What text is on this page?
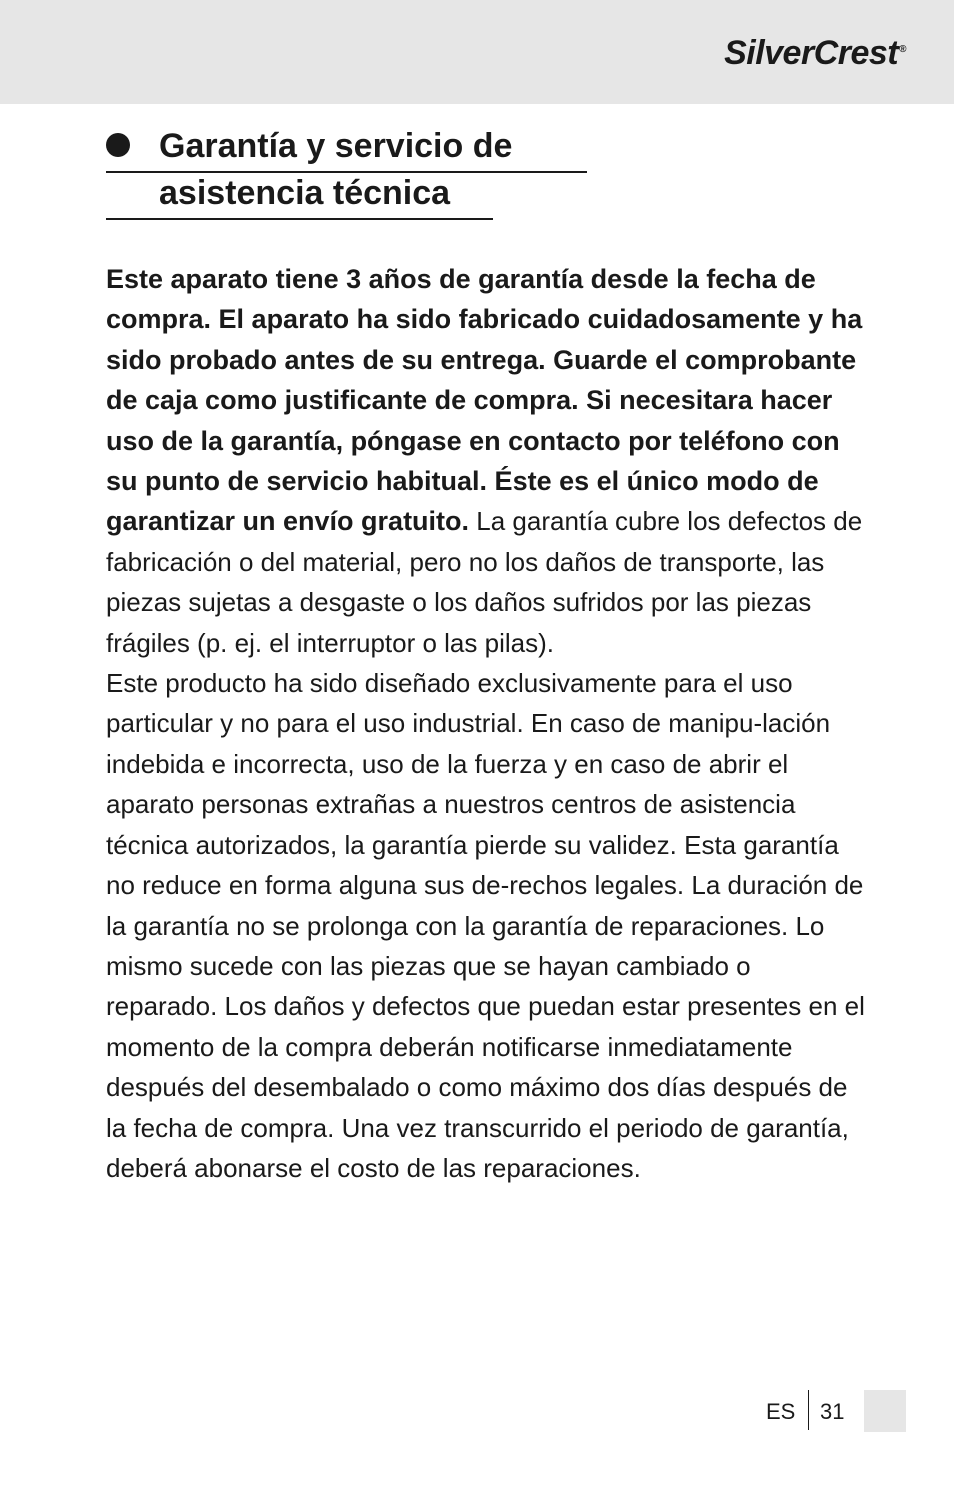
SilverCrest®
Garantía y servicio de
asistencia técnica

Este aparato tiene 3 años de garantía desde la fecha de compra. El aparato ha sido fabricado cuidadosamente y ha sido probado antes de su entrega. Guarde el comprobante de caja como justificante de compra. Si necesitara hacer uso de la garantía, póngase en contacto por teléfono con su punto de servicio habitual. Éste es el único modo de garantizar un envío gratuito. La garantía cubre los defectos de fabricación o del material, pero no los daños de transporte, las piezas sujetas a desgaste o los daños sufridos por las piezas frágiles (p. ej. el interruptor o las pilas).

Este producto ha sido diseñado exclusivamente para el uso particular y no para el uso industrial. En caso de manipu-lación indebida e incorrecta, uso de la fuerza y en caso de abrir el aparato personas extrañas a nuestros centros de asistencia técnica autorizados, la garantía pierde su validez. Esta garantía no reduce en forma alguna sus de-rechos legales. La duración de la garantía no se prolonga con la garantía de reparaciones. Lo mismo sucede con las piezas que se hayan cambiado o reparado. Los daños y defectos que puedan estar presentes en el momento de la compra deberán notificarse inmediatamente después del desembalado o como máximo dos días después de la fecha de compra. Una vez transcurrido el periodo de garantía, deberá abonarse el costo de las reparaciones.

ES 31
